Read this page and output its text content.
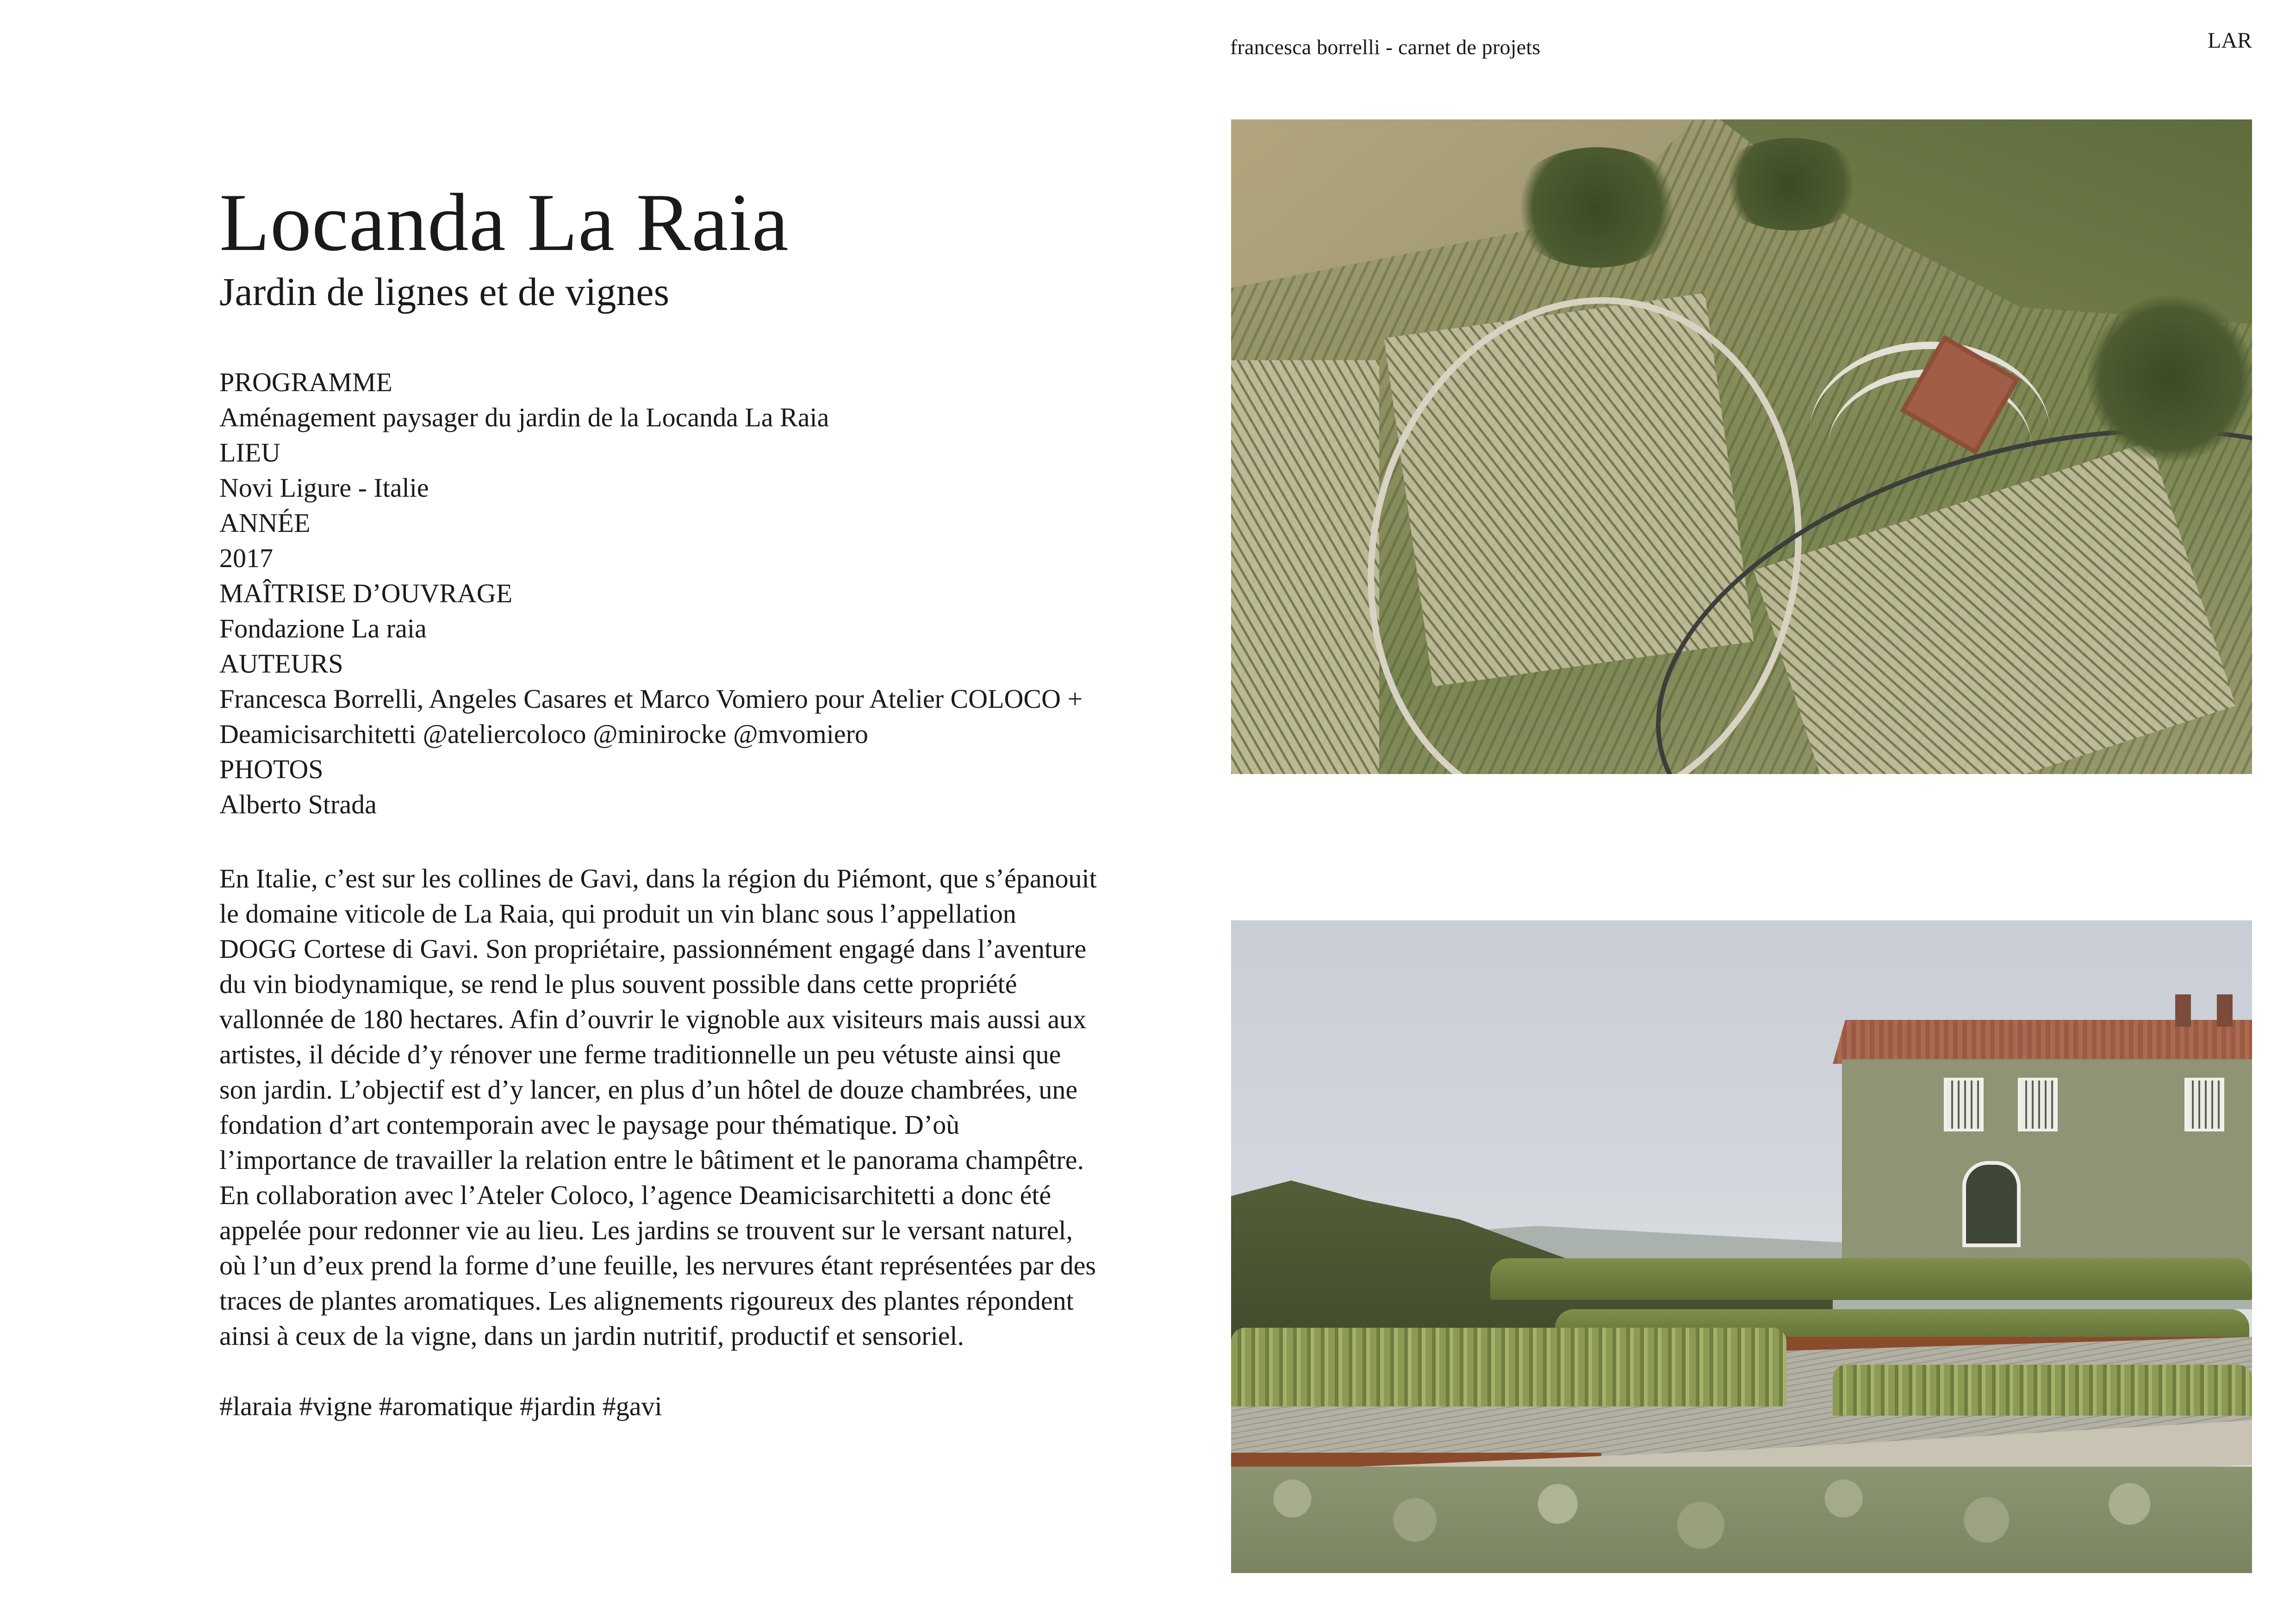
francesca borrelli - carnet de projets	LAR
Locanda La Raia
Jardin de lignes et de vignes
PROGRAMME
Aménagement paysager du jardin de la Locanda La Raia
LIEU
Novi Ligure - Italie
ANNÉE
2017
MAÎTRISE D’OUVRAGE
Fondazione La raia
AUTEURS
Francesca Borrelli, Angeles Casares et Marco Vomiero pour Atelier COLOCO + Deamicisarchitetti @ateliercoloco @minirocke @mvomiero
PHOTOS
Alberto Strada

En Italie, c’est sur les collines de Gavi, dans la région du Piémont, que s’épanouit le domaine viticole de La Raia, qui produit un vin blanc sous l’appellation DOGG Cortese di Gavi. Son propriétaire, passionnément engagé dans l’aventure du vin biodynamique, se rend le plus souvent possible dans cette propriété vallonnée de 180 hectares. Afin d’ouvrir le vignoble aux visiteurs mais aussi aux artistes, il décide d’y rénover une ferme traditionnelle un peu vétuste ainsi que son jardin. L’objectif est d’y lancer, en plus d’un hôtel de douze chambrées, une fondation d’art contemporain avec le paysage pour thématique. D’où l’importance de travailler la relation entre le bâtiment et le panorama champêtre. En collaboration avec l’Ateler Coloco, l’agence Deamicisarchitetti a donc été appelée pour redonner vie au lieu. Les jardins se trouvent sur le versant naturel, où l’un d’eux prend la forme d’une feuille, les nervures étant représentées par des traces de plantes aromatiques. Les alignements rigoureux des plantes répondent ainsi à ceux de la vigne, dans un jardin nutritif, productif et sensoriel.

#laraia #vigne #aromatique #jardin #gavi
